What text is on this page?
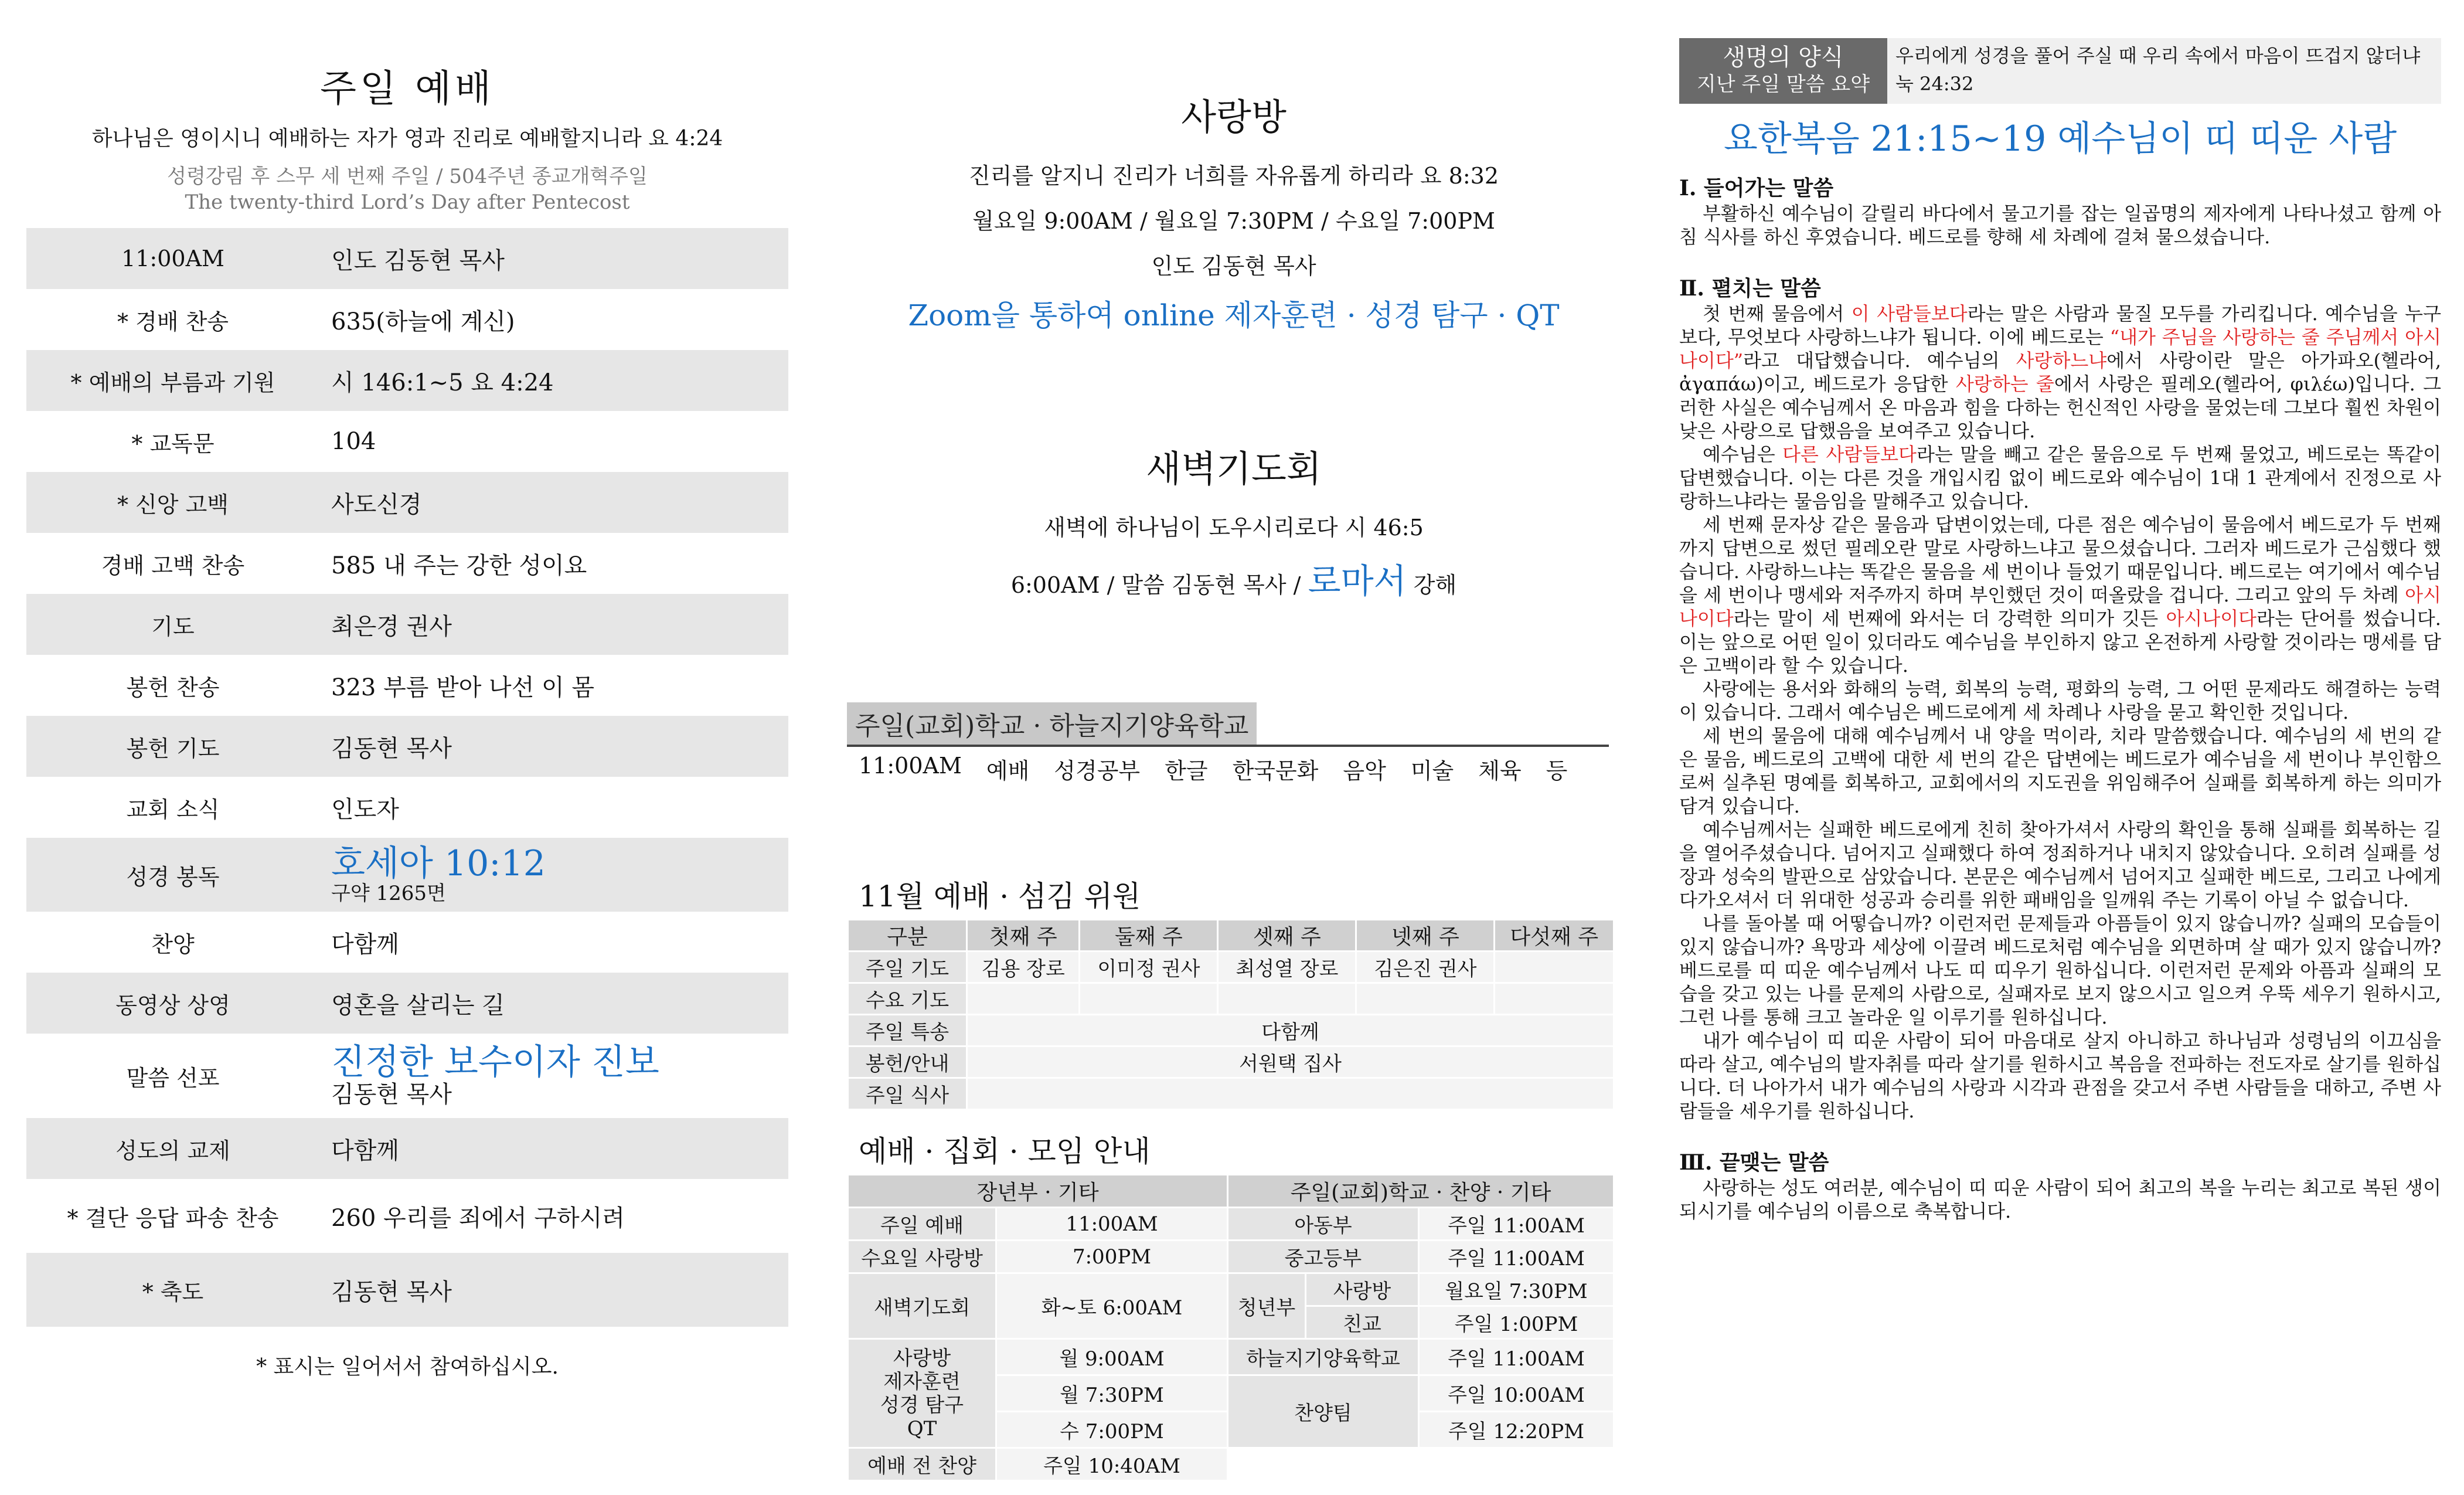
주일 예배
하나님은 영이시니 예배하는 자가 영과 진리로 예배할지니라 요 4:24
성령강림 후 스무 세 번째 주일 / 504주년 종교개혁주일
The twenty-third Lord’s Day after Pentecost
11:00AM	인도 김동현 목사
* 경배 찬송	635(하늘에 계신)
* 예배의 부름과 기원	시 146:1~5 요 4:24
* 교독문	104
* 신앙 고백	사도신경
경배 고백 찬송	585 내 주는 강한 성이요
기도	최은경 권사
봉헌 찬송	323 부름 받아 나선 이 몸
봉헌 기도	김동현 목사
교회 소식	인도자
성경 봉독	호세아 10:12
구약 1265면
찬양	다함께
동영상 상영	영혼을 살리는 길
말씀 선포	진정한 보수이자 진보
김동현 목사
성도의 교제	다함께
* 결단 응답 파송 찬송	260 우리를 죄에서 구하시려
* 축도	김동현 목사
* 표시는 일어서서 참여하십시오.
사랑방
진리를 알지니 진리가 너희를 자유롭게 하리라 요 8:32
월요일 9:00AM / 월요일 7:30PM / 수요일 7:00PM
인도 김동현 목사
Zoom을 통하여 online 제자훈련 · 성경 탐구 · QT
새벽기도회
새벽에 하나님이 도우시리로다 시 46:5
6:00AM / 말씀 김동현 목사 / 로마서 강해
주일(교회)학교 · 하늘지기양육학교
11:00AM 예배 성경공부 한글 한국문화 음악 미술 체육 등
11월 예배 · 섬김 위원
구분	첫째 주	둘째 주	셋째 주	넷째 주	다섯째 주
주일 기도	김용 장로	이미정 권사	최성열 장로	김은진 권사	
수요 기도					
주일 특송	다함께				
봉헌/안내	서원택 집사				
주일 식사					
예배 · 집회 · 모임 안내
장년부 · 기타		주일(교회)학교 · 찬양 · 기타		
주일 예배	11:00AM	아동부		주일 11:00AM
수요일 사랑방	7:00PM	중고등부		주일 11:00AM
새벽기도회	화~토 6:00AM	청년부	사랑방	월요일 7:30PM
			친교	주일 1:00PM

사랑방
제자훈련
성경 탐구
QT	월 9:00AM	하늘지기양육학교		주일 11:00AM
	월 7:30PM	찬양팀		주일 10:00AM
	수 7:00PM			주일 12:20PM
예배 전 찬양	주일 10:40AM			
생명의 양식
지난 주일 말씀 요약
우리에게 성경을 풀어 주실 때 우리 속에서 마음이 뜨겁지 않더냐 눅 24:32
요한복음 21:15~19 예수님이 띠 띠운 사람
Ⅰ. 들어가는 말씀

부활하신 예수님이 갈릴리 바다에서 물고기를 잡는 일곱명의 제자에게 나타나셨고 함께 아침 식사를 하신 후였습니다. 베드로를 향해 세 차례에 걸쳐 물으셨습니다.

Ⅱ. 펼치는 말씀

첫 번째 물음에서 이 사람들보다라는 말은 사람과 물질 모두를 가리킵니다. 예수님을 누구보다, 무엇보다 사랑하느냐가 됩니다. 이에 베드로는 “내가 주님을 사랑하는 줄 주님께서 아시나이다”라고 대답했습니다. 예수님의 사랑하느냐에서 사랑이란 말은 아가파오(헬라어, ἀγαπάω)이고, 베드로가 응답한 사랑하는 줄에서 사랑은 필레오(헬라어, φιλέω)입니다. 그러한 사실은 예수님께서 온 마음과 힘을 다하는 헌신적인 사랑을 물었는데 그보다 훨씬 차원이 낮은 사랑으로 답했음을 보여주고 있습니다.

예수님은 다른 사람들보다라는 말을 빼고 같은 물음으로 두 번째 물었고, 베드로는 똑같이 답변했습니다. 이는 다른 것을 개입시킴 없이 베드로와 예수님이 1대 1 관계에서 진정으로 사랑하느냐라는 물음임을 말해주고 있습니다.

세 번째 문자상 같은 물음과 답변이었는데, 다른 점은 예수님이 물음에서 베드로가 두 번째까지 답변으로 썼던 필레오란 말로 사랑하느냐고 물으셨습니다. 그러자 베드로가 근심했다 했습니다. 사랑하느냐는 똑같은 물음을 세 번이나 들었기 때문입니다. 베드로는 여기에서 예수님을 세 번이나 맹세와 저주까지 하며 부인했던 것이 떠올랐을 겁니다. 그리고 앞의 두 차례 아시나이다라는 말이 세 번째에 와서는 더 강력한 의미가 깃든 아시나이다라는 단어를 썼습니다. 이는 앞으로 어떤 일이 있더라도 예수님을 부인하지 않고 온전하게 사랑할 것이라는 맹세를 담은 고백이라 할 수 있습니다.

사랑에는 용서와 화해의 능력, 회복의 능력, 평화의 능력, 그 어떤 문제라도 해결하는 능력이 있습니다. 그래서 예수님은 베드로에게 세 차례나 사랑을 묻고 확인한 것입니다.

세 번의 물음에 대해 예수님께서 내 양을 먹이라, 치라 말씀했습니다. 예수님의 세 번의 같은 물음, 베드로의 고백에 대한 세 번의 같은 답변에는 베드로가 예수님을 세 번이나 부인함으로써 실추된 명예를 회복하고, 교회에서의 지도권을 위임해주어 실패를 회복하게 하는 의미가 담겨 있습니다.

예수님께서는 실패한 베드로에게 친히 찾아가셔서 사랑의 확인을 통해 실패를 회복하는 길을 열어주셨습니다. 넘어지고 실패했다 하여 정죄하거나 내치지 않았습니다. 오히려 실패를 성장과 성숙의 발판으로 삼았습니다. 본문은 예수님께서 넘어지고 실패한 베드로, 그리고 나에게 다가오셔서 더 위대한 성공과 승리를 위한 패배임을 일깨워 주는 기록이 아닐 수 없습니다.

나를 돌아볼 때 어떻습니까? 이런저런 문제들과 아픔들이 있지 않습니까? 실패의 모습들이 있지 않습니까? 욕망과 세상에 이끌려 베드로처럼 예수님을 외면하며 살 때가 있지 않습니까? 베드로를 띠 띠운 예수님께서 나도 띠 띠우기 원하십니다. 이런저런 문제와 아픔과 실패의 모습을 갖고 있는 나를 문제의 사람으로, 실패자로 보지 않으시고 일으켜 우뚝 세우기 원하시고, 그런 나를 통해 크고 놀라운 일 이루기를 원하십니다.

내가 예수님이 띠 띠운 사람이 되어 마음대로 살지 아니하고 하나님과 성령님의 이끄심을 따라 살고, 예수님의 발자취를 따라 살기를 원하시고 복음을 전파하는 전도자로 살기를 원하십니다. 더 나아가서 내가 예수님의 사랑과 시각과 관점을 갖고서 주변 사람들을 대하고, 주변 사람들을 세우기를 원하십니다.

Ⅲ. 끝맺는 말씀

사랑하는 성도 여러분, 예수님이 띠 띠운 사람이 되어 최고의 복을 누리는 최고로 복된 생이 되시기를 예수님의 이름으로 축복합니다.
